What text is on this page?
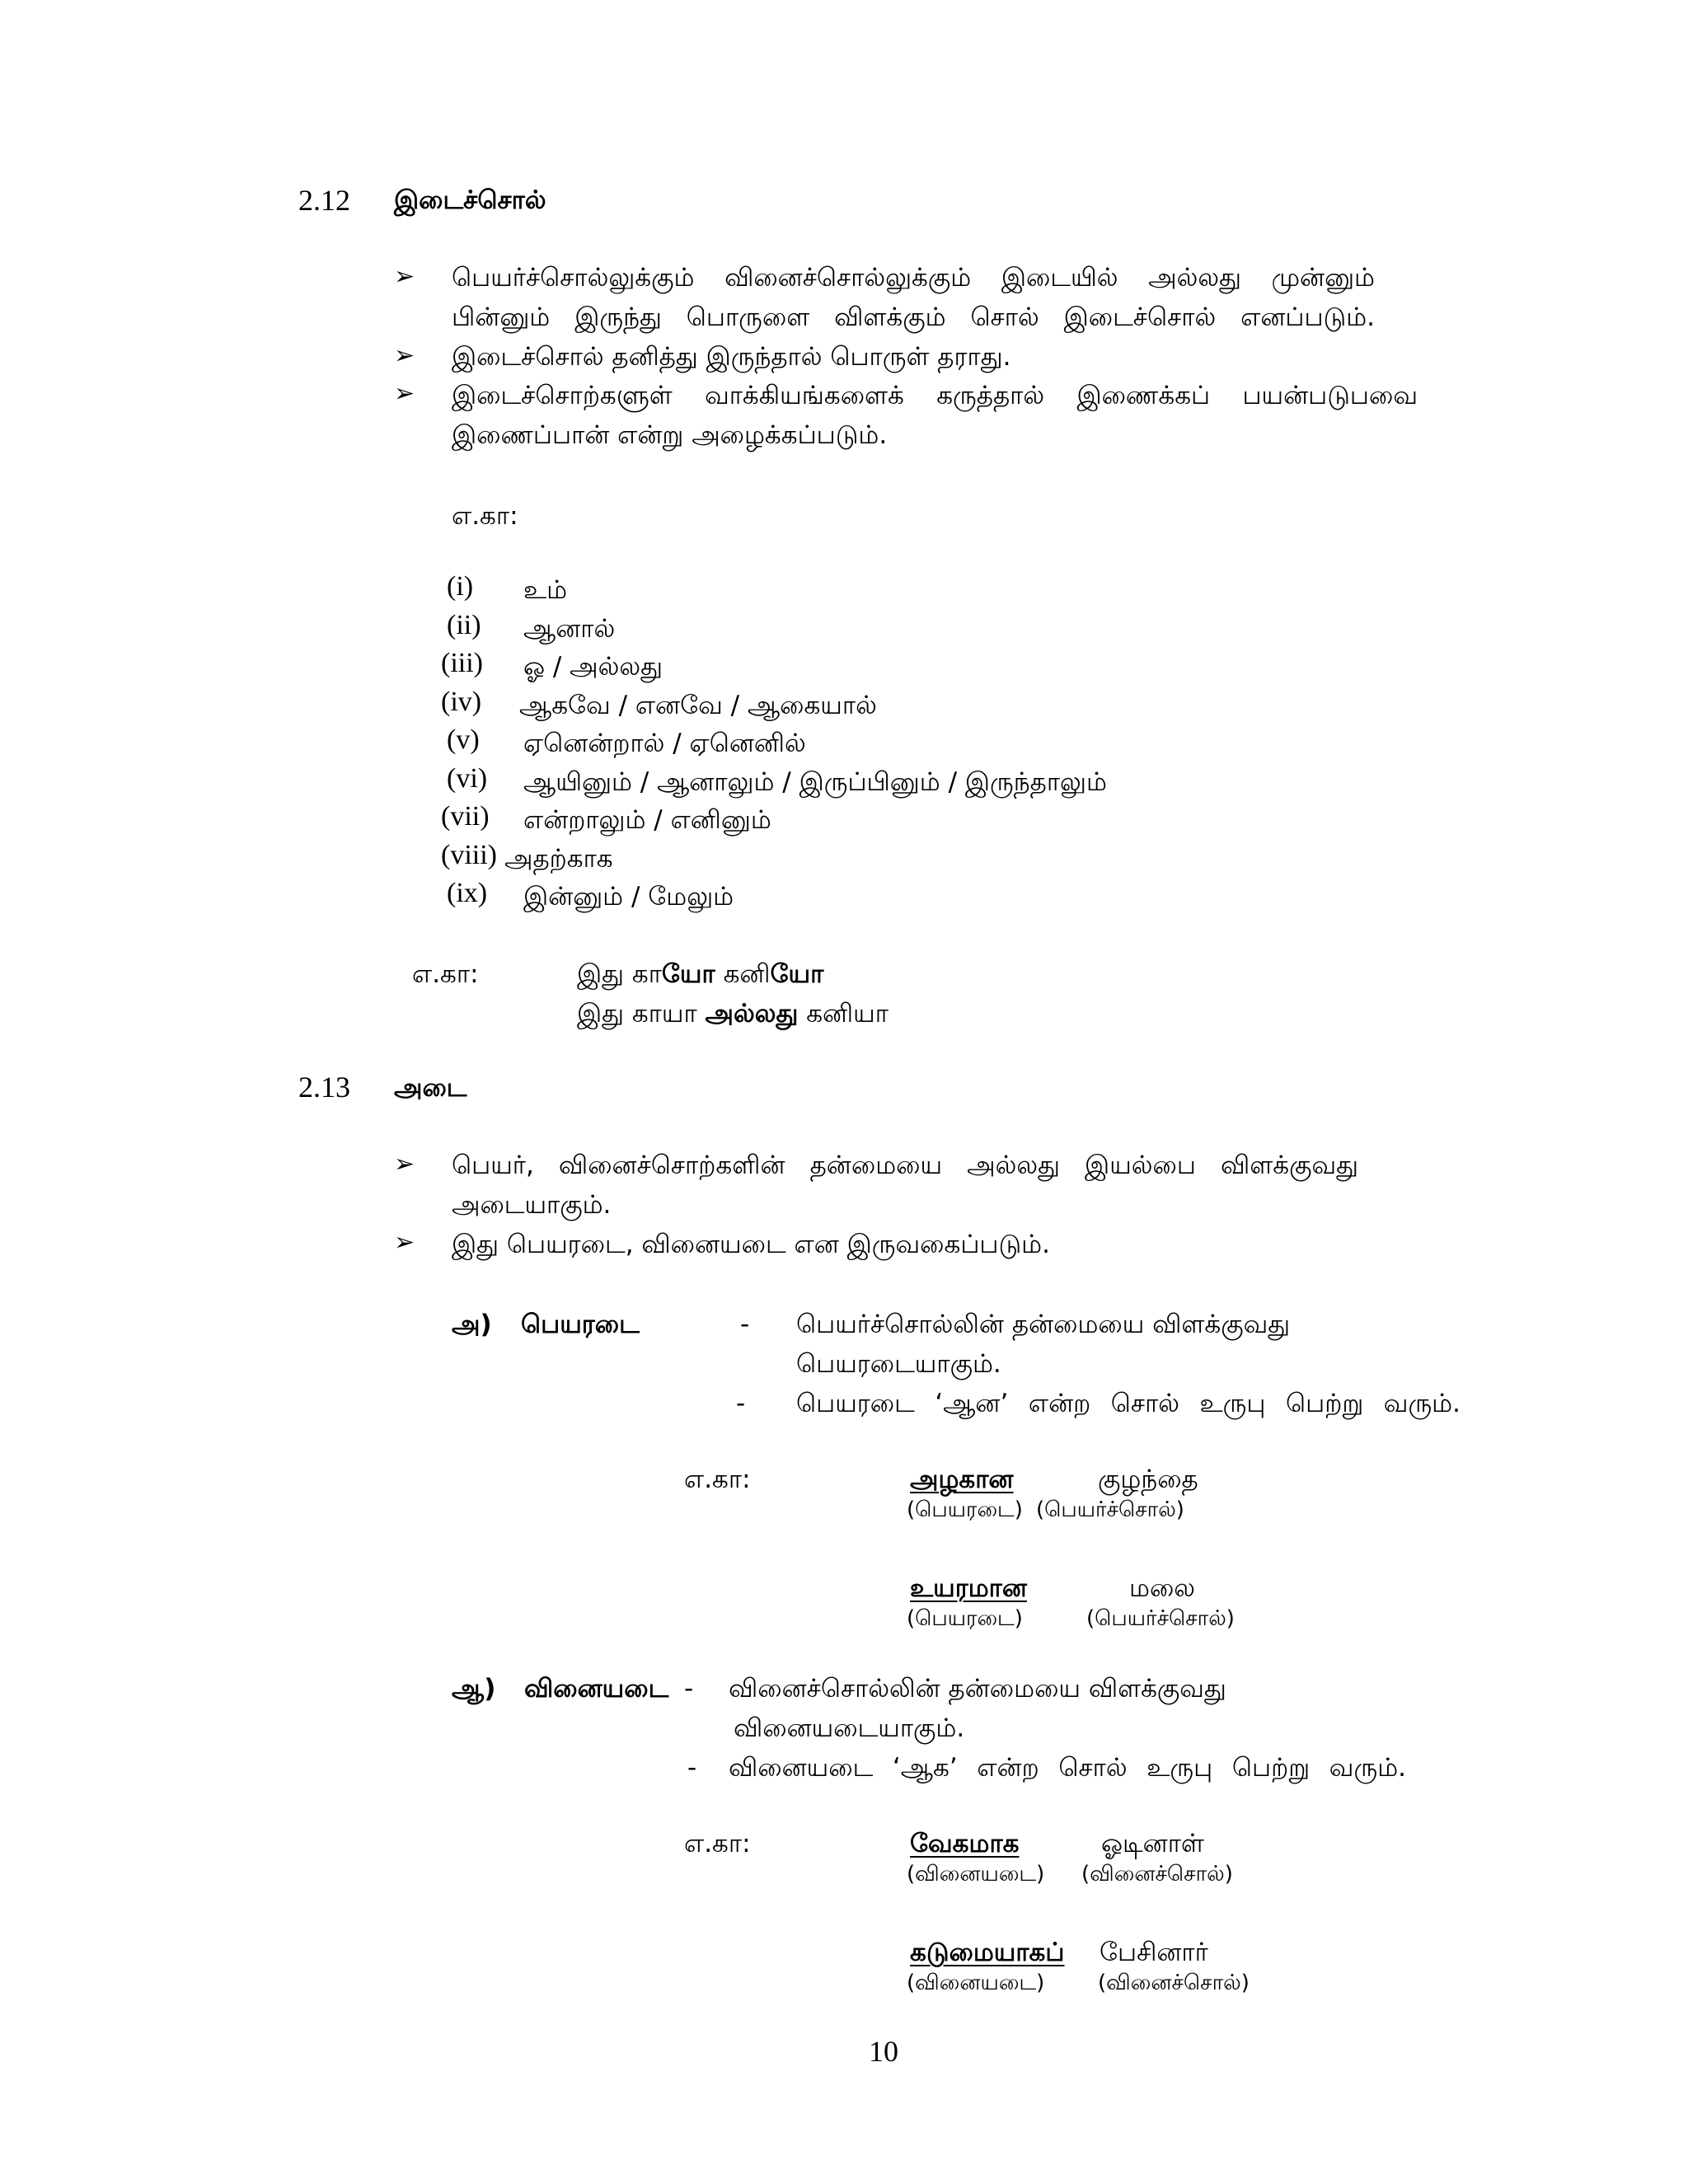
2.12 இடைச்சொல்
➢ பெயர்ச்சொல்லுக்கும் வினைச்சொல்லுக்கும் இடையில் அல்லது முன்னும்
பின்னும் இருந்து பொருளை விளக்கும் சொல் இடைச்சொல் எனப்படும்.
➢ இடைச்சொல் தனித்து இருந்தால் பொருள் தராது.
➢ இடைச்சொற்களுள் வாக்கியங்களைக் கருத்தால் இணைக்கப் பயன்படுபவை
இணைப்பான் என்று அழைக்கப்படும்.
எ.கா:
(i) உம்
(ii) ஆனால்
(iii) ஓ / அல்லது
(iv) ஆகவே / எனவே / ஆகையால்
(v) ஏனென்றால் / ஏனெனில்
(vi) ஆயினும் / ஆனாலும் / இருப்பினும் / இருந்தாலும்
(vii) என்றாலும் / எனினும்
(viii) அதற்காக
(ix) இன்னும் / மேலும்
எ.கா:	இது காயோ கனியோ
இது காயா அல்லது கனியா
2.13 அடை
➢ பெயர், வினைச்சொற்களின் தன்மையை அல்லது இயல்பை விளக்குவது
அடையாகும்.
➢ இது பெயரடை, வினையடை என இருவகைப்படும்.
அ) பெயரடை	- பெயர்ச்சொல்லின் தன்மையை விளக்குவது
பெயரடையாகும்.
- பெயரடை ‘ஆன’ என்ற சொல் உருபு பெற்று வரும்.
எ.கா:	அழகான	குழந்தை
(பெயரடை) (பெயர்ச்சொல்)
உயரமான	மலை
(பெயரடை)	(பெயர்ச்சொல்)
ஆ) வினையடை - வினைச்சொல்லின் தன்மையை விளக்குவது
வினையடையாகும்.
- வினையடை ‘ஆக’ என்ற சொல் உருபு பெற்று வரும்.
எ.கா:	வேகமாக	ஓடினாள்
(வினையடை) (வினைச்சொல்)
கடுமையாகப் பேசினார்
(வினையடை) (வினைச்சொல்)
10
